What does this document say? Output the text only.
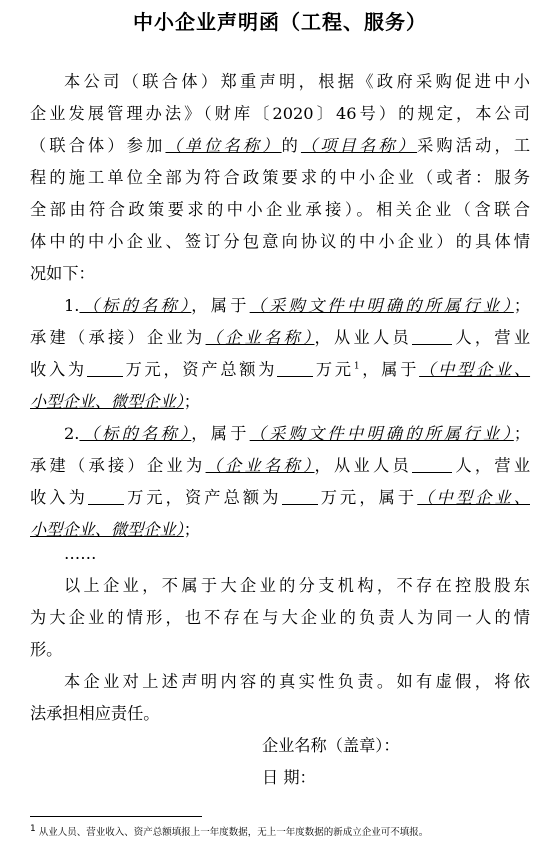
中小企业声明函（工程、服务）
本公司（联合体）郑重声明，根据《政府采购促进中小
企业发展管理办法》（财库〔2020〕46号）的规定，本公司
（联合体）参加（单位名称）的（项目名称）采购活动，工
程的施工单位全部为符合政策要求的中小企业（或者：服务
全部由符合政策要求的中小企业承接）。相关企业（含联合
体中的中小企业、签订分包意向协议的中小企业）的具体情
况如下：
1.（标的名称），属于（采购文件中明确的所属行业）；
承建（承接）企业为（企业名称），从业人员 人，营业
收入为 万元，资产总额为 万元$^1$，属于（中型企业、
小型企业、微型企业）；
2.（标的名称），属于（采购文件中明确的所属行业）；
承建（承接）企业为（企业名称），从业人员 人，营业
收入为 万元，资产总额为 万元，属于（中型企业、
小型企业、微型企业）；
……
以上企业，不属于大企业的分支机构，不存在控股股东
为大企业的情形，也不存在与大企业的负责人为同一人的情
形。
本企业对上述声明内容的真实性负责。如有虚假，将依
法承担相应责任。
企业名称（盖章）：
日 期：
$^1$ 从业人员、营业收入、资产总额填报上一年度数据，无上一年度数据的新成立企业可不填报。
